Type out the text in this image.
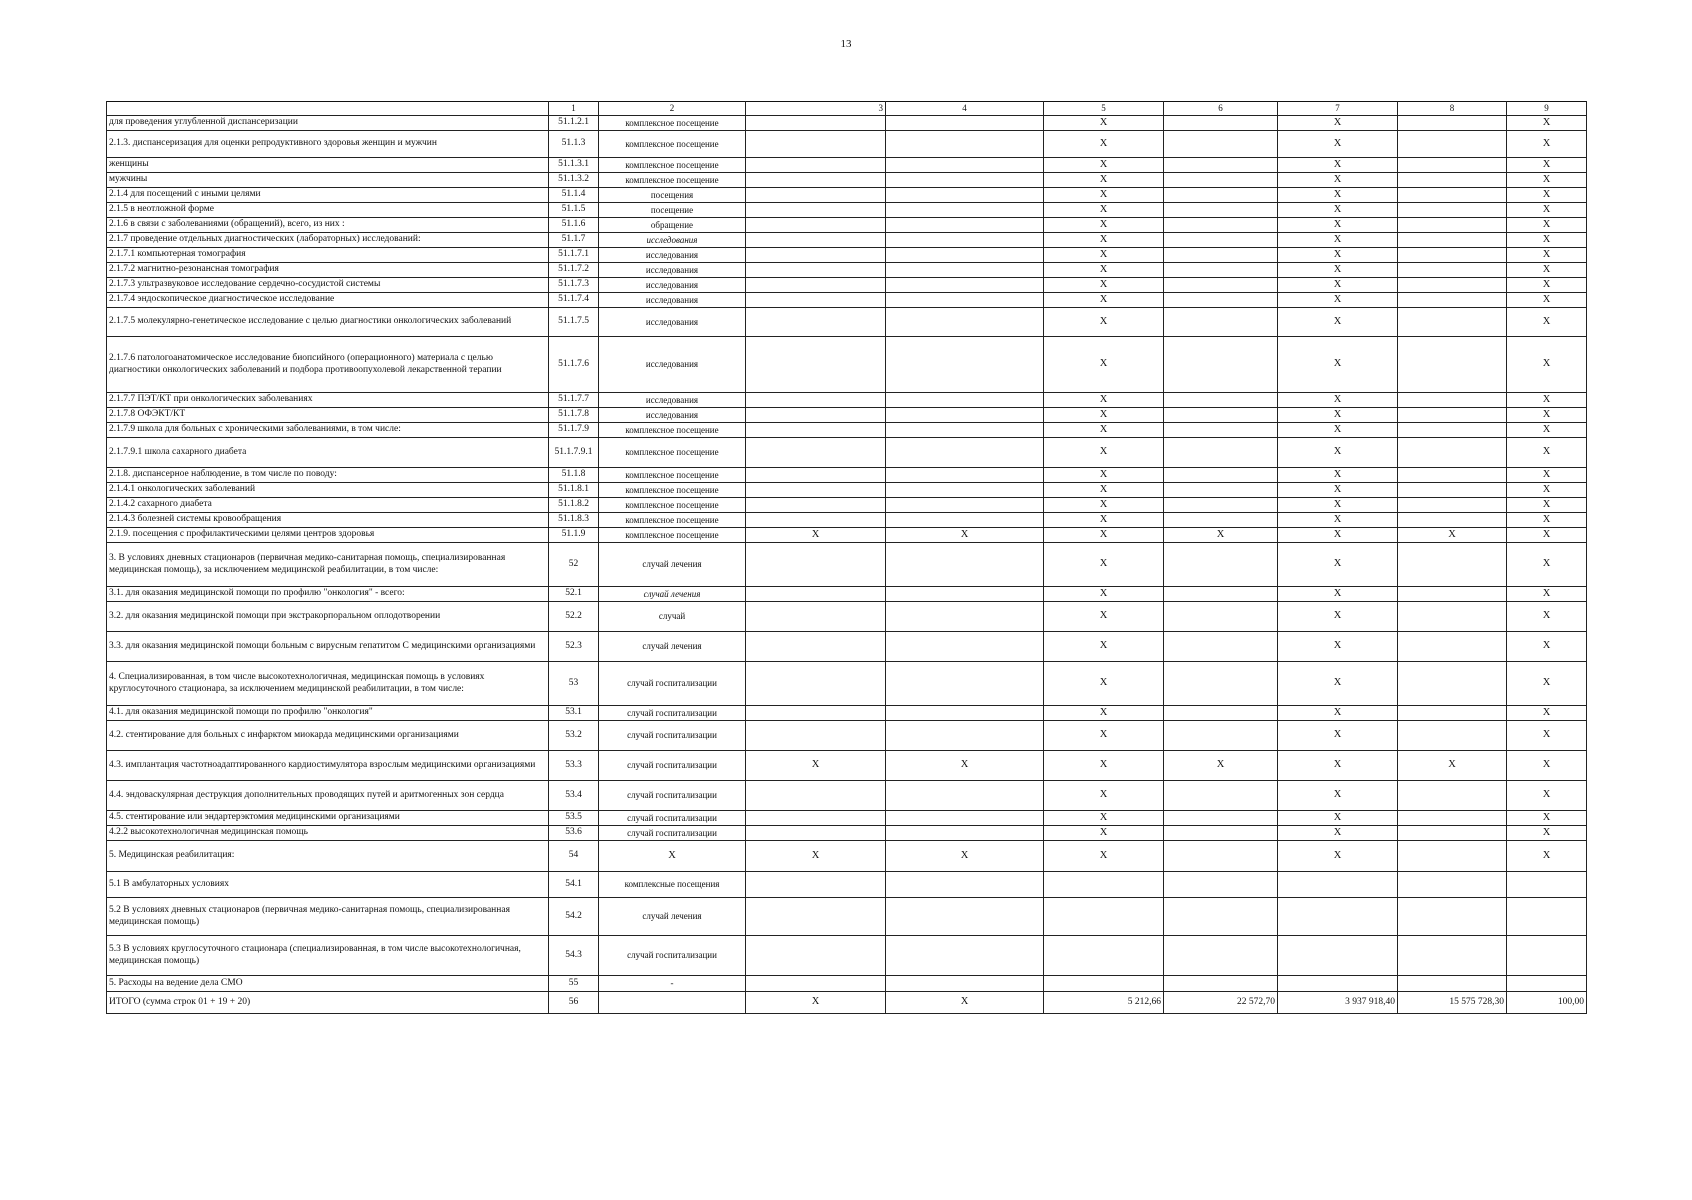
13
	1	2	3	4	5	6	7	8	9
для проведения углубленной диспансеризации	51.1.2.1	комплексное посещение			X		X		X
2.1.3. диспансеризация для оценки репродуктивного здоровья женщин и мужчин	51.1.3	комплексное посещение			X		X		X
женщины	51.1.3.1	комплексное посещение			X		X		X
мужчины	51.1.3.2	комплексное посещение			X		X		X
2.1.4 для посещений с иными целями	51.1.4	посещения			X		X		X
2.1.5 в неотложной форме	51.1.5	посещение			X		X		X
2.1.6 в связи с заболеваниями (обращений), всего, из них :	51.1.6	обращение			X		X		X
2.1.7 проведение отдельных диагностических (лабораторных) исследований:	51.1.7	исследования			X		X		X
2.1.7.1 компьютерная томография	51.1.7.1	исследования			X		X		X
2.1.7.2 магнитно-резонансная томография	51.1.7.2	исследования			X		X		X
2.1.7.3 ультразвуковое исследование сердечно-сосудистой системы	51.1.7.3	исследования			X		X		X
2.1.7.4 эндоскопическое диагностическое исследование	51.1.7.4	исследования			X		X		X
2.1.7.5 молекулярно-генетическое исследование с целью диагностики онкологических заболеваний	51.1.7.5	исследования			X		X		X
2.1.7.6 патологоанатомическое исследование биопсийного (операционного) материала с целью диагностики онкологических заболеваний и подбора противоопухолевой лекарственной терапии	51.1.7.6	исследования			X		X		X
2.1.7.7 ПЭТ/КТ при онкологических заболеваниях	51.1.7.7	исследования			X		X		X
2.1.7.8 ОФЭКТ/КТ	51.1.7.8	исследования			X		X		X
2.1.7.9 школа для больных с хроническими заболеваниями, в том числе:	51.1.7.9	комплексное посещение			X		X		X
2.1.7.9.1 школа сахарного диабета	51.1.7.9.1	комплексное посещение			X		X		X
2.1.8. диспансерное наблюдение, в том числе по поводу:	51.1.8	комплексное посещение			X		X		X
2.1.4.1 онкологических заболеваний	51.1.8.1	комплексное посещение			X		X		X
2.1.4.2 сахарного диабета	51.1.8.2	комплексное посещение			X		X		X
2.1.4.3 болезней системы кровообращения	51.1.8.3	комплексное посещение			X		X		X
2.1.9. посещения с профилактическими целями центров здоровья	51.1.9	комплексное посещение	X	X	X	X	X	X	X
3. В условиях дневных стационаров (первичная медико-санитарная помощь, специализированная медицинская помощь), за исключением медицинской реабилитации, в том числе:	52	случай лечения			X		X		X
3.1. для оказания медицинской помощи по профилю "онкология" - всего:	52.1	случай лечения			X		X		X
3.2. для оказания медицинской помощи при экстракорпоральном оплодотворении	52.2	случай			X		X		X
3.3. для оказания медицинской помощи больным с вирусным гепатитом С медицинскими организациями	52.3	случай лечения			X		X		X
4. Специализированная, в том числе высокотехнологичная, медицинская помощь в условиях круглосуточного стационара, за исключением медицинской реабилитации, в том числе:	53	случай госпитализации			X		X		X
4.1. для оказания медицинской помощи по профилю "онкология"	53.1	случай госпитализации			X		X		X
4.2. стентирование для больных с инфарктом миокарда медицинскими организациями	53.2	случай госпитализации			X		X		X
4.3. имплантация частотноадаптированного кардиостимулятора взрослым медицинскими организациями	53.3	случай госпитализации	X	X	X	X	X	X	X
4.4. эндоваскулярная деструкция дополнительных проводящих путей и аритмогенных зон сердца	53.4	случай госпитализации			X		X		X
4.5. стентирование или эндартерэктомия медицинскими организациями	53.5	случай госпитализации			X		X		X
4.2.2 высокотехнологичная медицинская помощь	53.6	случай госпитализации			X		X		X
5. Медицинская реабилитация:	54	X	X	X	X		X		X
5.1 В амбулаторных условиях	54.1	комплексные посещения							
5.2 В условиях дневных стационаров (первичная медико-санитарная помощь, специализированная медицинская помощь)	54.2	случай лечения							
5.3 В условиях круглосуточного стационара (специализированная, в том числе высокотехнологичная, медицинская помощь)	54.3	случай госпитализации							
5. Расходы на ведение дела СМО	55	-							
ИТОГО (сумма строк 01 + 19 + 20)	56		X	X	5 212,66	22 572,70	3 937 918,40	15 575 728,30	100,00
